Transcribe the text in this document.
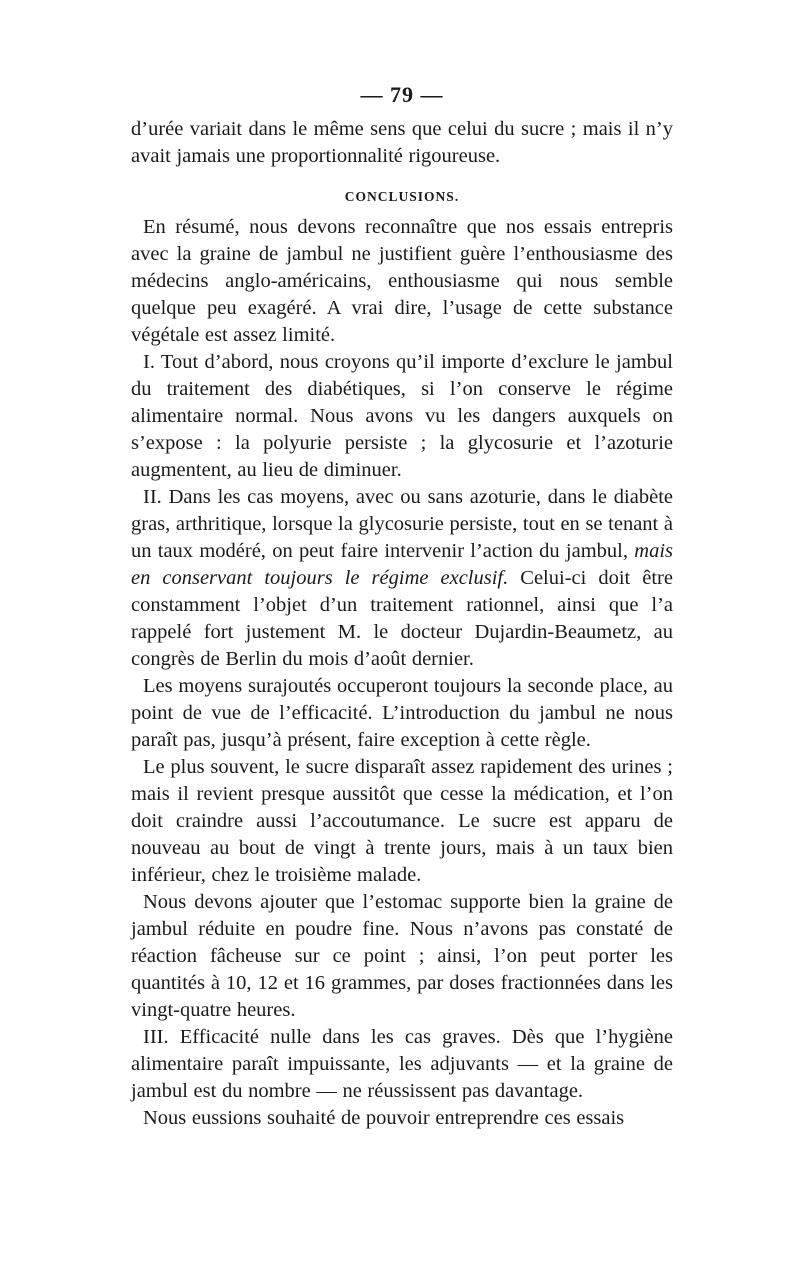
— 79 —

d’urée variait dans le même sens que celui du sucre ; mais il n’y avait jamais une proportionnalité rigoureuse.

CONCLUSIONS.

En résumé, nous devons reconnaître que nos essais entrepris avec la graine de jambul ne justifient guère l’enthousiasme des médecins anglo-américains, enthousiasme qui nous semble quelque peu exagéré. A vrai dire, l’usage de cette substance végétale est assez limité.

I. Tout d’abord, nous croyons qu’il importe d’exclure le jambul du traitement des diabétiques, si l’on conserve le régime alimentaire normal. Nous avons vu les dangers auxquels on s’expose : la polyurie persiste ; la glycosurie et l’azoturie augmentent, au lieu de diminuer.

II. Dans les cas moyens, avec ou sans azoturie, dans le diabète gras, arthritique, lorsque la glycosurie persiste, tout en se tenant à un taux modéré, on peut faire intervenir l’action du jambul, mais en conservant toujours le régime exclusif. Celui-ci doit être constamment l’objet d’un traitement rationnel, ainsi que l’a rappelé fort justement M. le docteur Dujardin-Beaumetz, au congrès de Berlin du mois d’août dernier.

Les moyens surajoutés occuperont toujours la seconde place, au point de vue de l’efficacité. L’introduction du jambul ne nous paraît pas, jusqu’à présent, faire exception à cette règle.

Le plus souvent, le sucre disparaît assez rapidement des urines ; mais il revient presque aussitôt que cesse la médication, et l’on doit craindre aussi l’accoutumance. Le sucre est apparu de nouveau au bout de vingt à trente jours, mais à un taux bien inférieur, chez le troisième malade.

Nous devons ajouter que l’estomac supporte bien la graine de jambul réduite en poudre fine. Nous n’avons pas constaté de réaction fâcheuse sur ce point ; ainsi, l’on peut porter les quantités à 10, 12 et 16 grammes, par doses fractionnées dans les vingt-quatre heures.

III. Efficacité nulle dans les cas graves. Dès que l’hygiène alimentaire paraît impuissante, les adjuvants — et la graine de jambul est du nombre — ne réussissent pas davantage.

Nous eussions souhaité de pouvoir entreprendre ces essais
